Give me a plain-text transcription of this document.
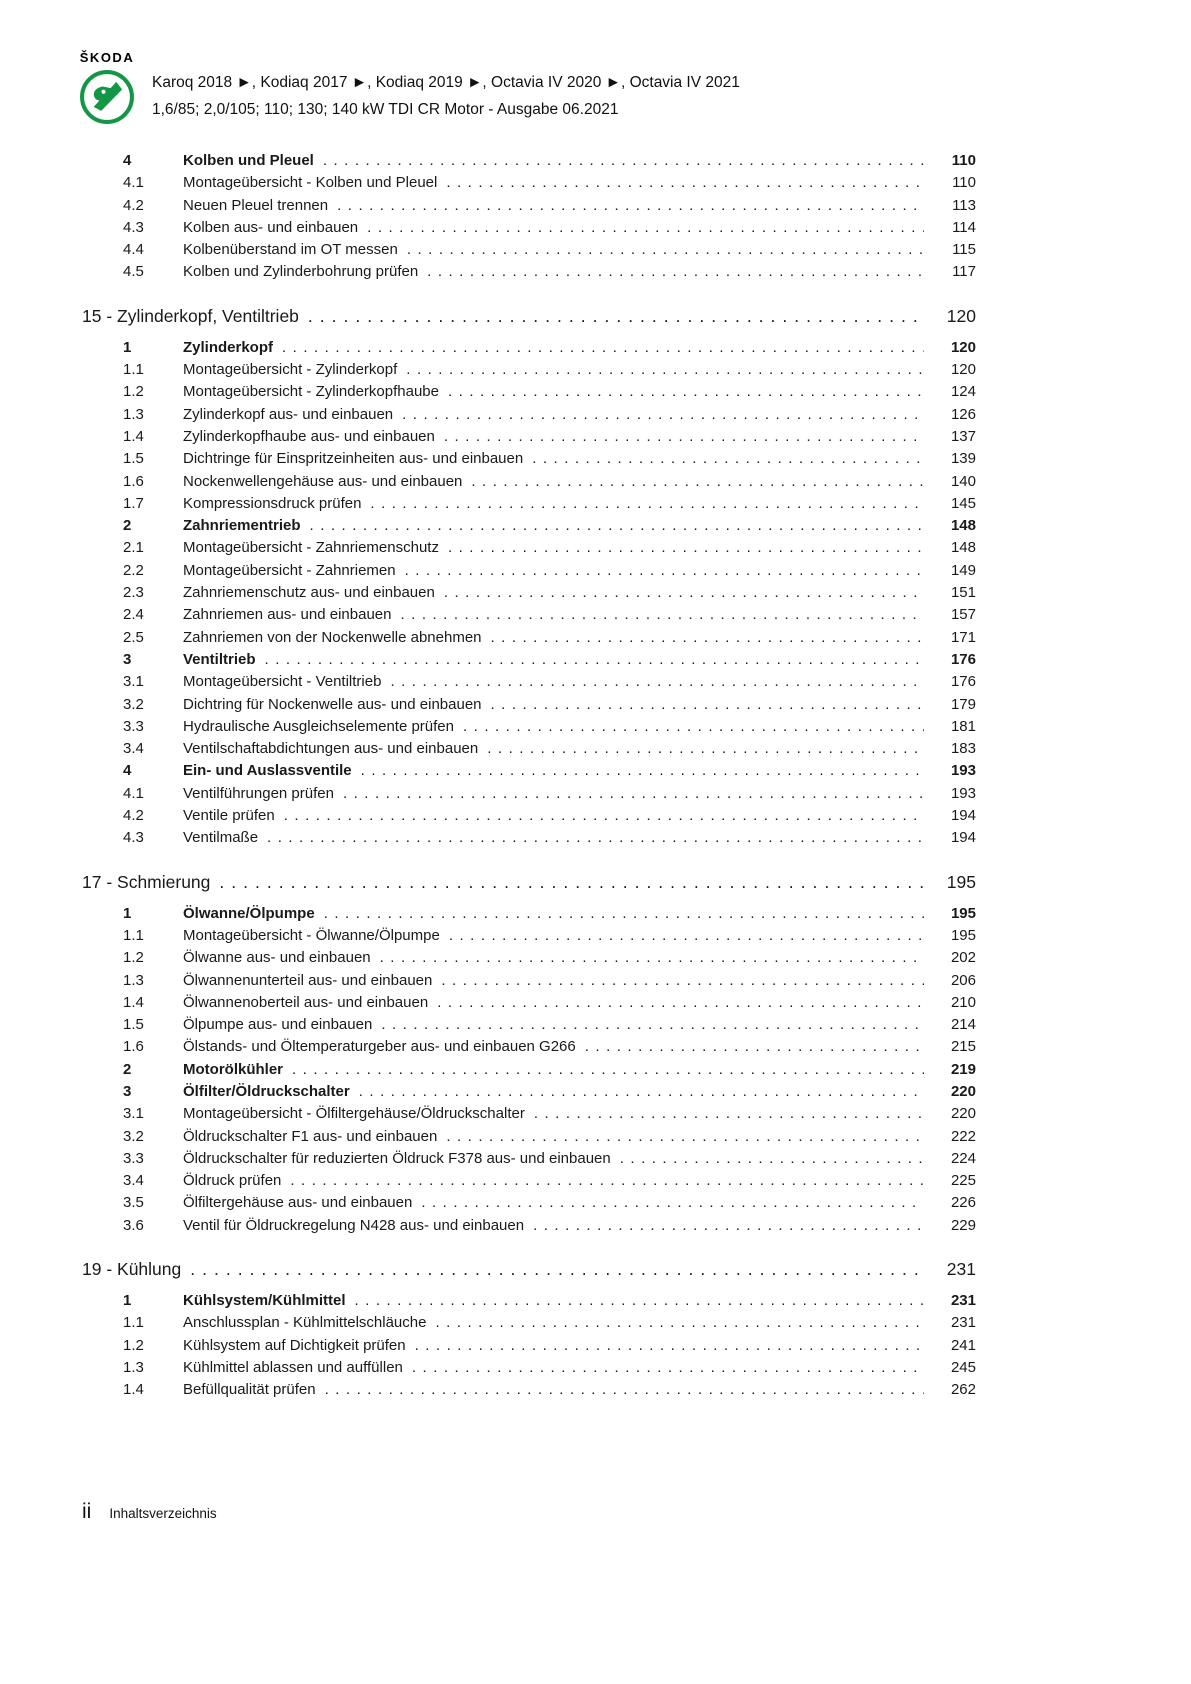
ŠKODA
Karoq 2018 ►, Kodiaq 2017 ►, Kodiaq 2019 ►, Octavia IV 2020 ►, Octavia IV 2021
1,6/85; 2,0/105; 110; 130; 140 kW TDI CR Motor - Ausgabe 06.2021
4	Kolben und Pleuel .....	110
4.1	Montageübersicht - Kolben und Pleuel .....	110
4.2	Neuen Pleuel trennen .....	113
4.3	Kolben aus- und einbauen .....	114
4.4	Kolbenüberstand im OT messen .....	115
4.5	Kolben und Zylinderbohrung prüfen .....	117
15 - Zylinderkopf, Ventiltrieb .....	120
1	Zylinderkopf .....	120
1.1	Montageübersicht - Zylinderkopf .....	120
1.2	Montageübersicht - Zylinderkopfhaube .....	124
1.3	Zylinderkopf aus- und einbauen .....	126
1.4	Zylinderkopfhaube aus- und einbauen .....	137
1.5	Dichtringe für Einspritzeinheiten aus- und einbauen .....	139
1.6	Nockenwellengehäuse aus- und einbauen .....	140
1.7	Kompressionsdruck prüfen .....	145
2	Zahnriementrieb .....	148
2.1	Montageübersicht - Zahnriemenschutz .....	148
2.2	Montageübersicht - Zahnriemen .....	149
2.3	Zahnriemenschutz aus- und einbauen .....	151
2.4	Zahnriemen aus- und einbauen .....	157
2.5	Zahnriemen von der Nockenwelle abnehmen .....	171
3	Ventiltrieb .....	176
3.1	Montageübersicht - Ventiltrieb .....	176
3.2	Dichtring für Nockenwelle aus- und einbauen .....	179
3.3	Hydraulische Ausgleichselemente prüfen .....	181
3.4	Ventilschaftabdichtungen aus- und einbauen .....	183
4	Ein- und Auslassventile .....	193
4.1	Ventilführungen prüfen .....	193
4.2	Ventile prüfen .....	194
4.3	Ventilmaße .....	194
17 - Schmierung .....	195
1	Ölwanne/Ölpumpe .....	195
1.1	Montageübersicht - Ölwanne/Ölpumpe .....	195
1.2	Ölwanne aus- und einbauen .....	202
1.3	Ölwannenunterteil aus- und einbauen .....	206
1.4	Ölwannenoberteil aus- und einbauen .....	210
1.5	Ölpumpe aus- und einbauen .....	214
1.6	Ölstands- und Öltemperaturgeber aus- und einbauen G266 .....	215
2	Motorölkühler .....	219
3	Ölfilter/Öldruckschalter .....	220
3.1	Montageübersicht - Ölfiltergehäuse/Öldruckschalter .....	220
3.2	Öldruckschalter F1 aus- und einbauen .....	222
3.3	Öldruckschalter für reduzierten Öldruck F378 aus- und einbauen .....	224
3.4	Öldruck prüfen .....	225
3.5	Ölfiltergehäuse aus- und einbauen .....	226
3.6	Ventil für Öldruckregelung N428 aus- und einbauen .....	229
19 - Kühlung .....	231
1	Kühlsystem/Kühlmittel .....	231
1.1	Anschlussplan - Kühlmittelschläuche .....	231
1.2	Kühlsystem auf Dichtigkeit prüfen .....	241
1.3	Kühlmittel ablassen und auffüllen .....	245
1.4	Befüllqualität prüfen .....	262
ii Inhaltsverzeichnis
